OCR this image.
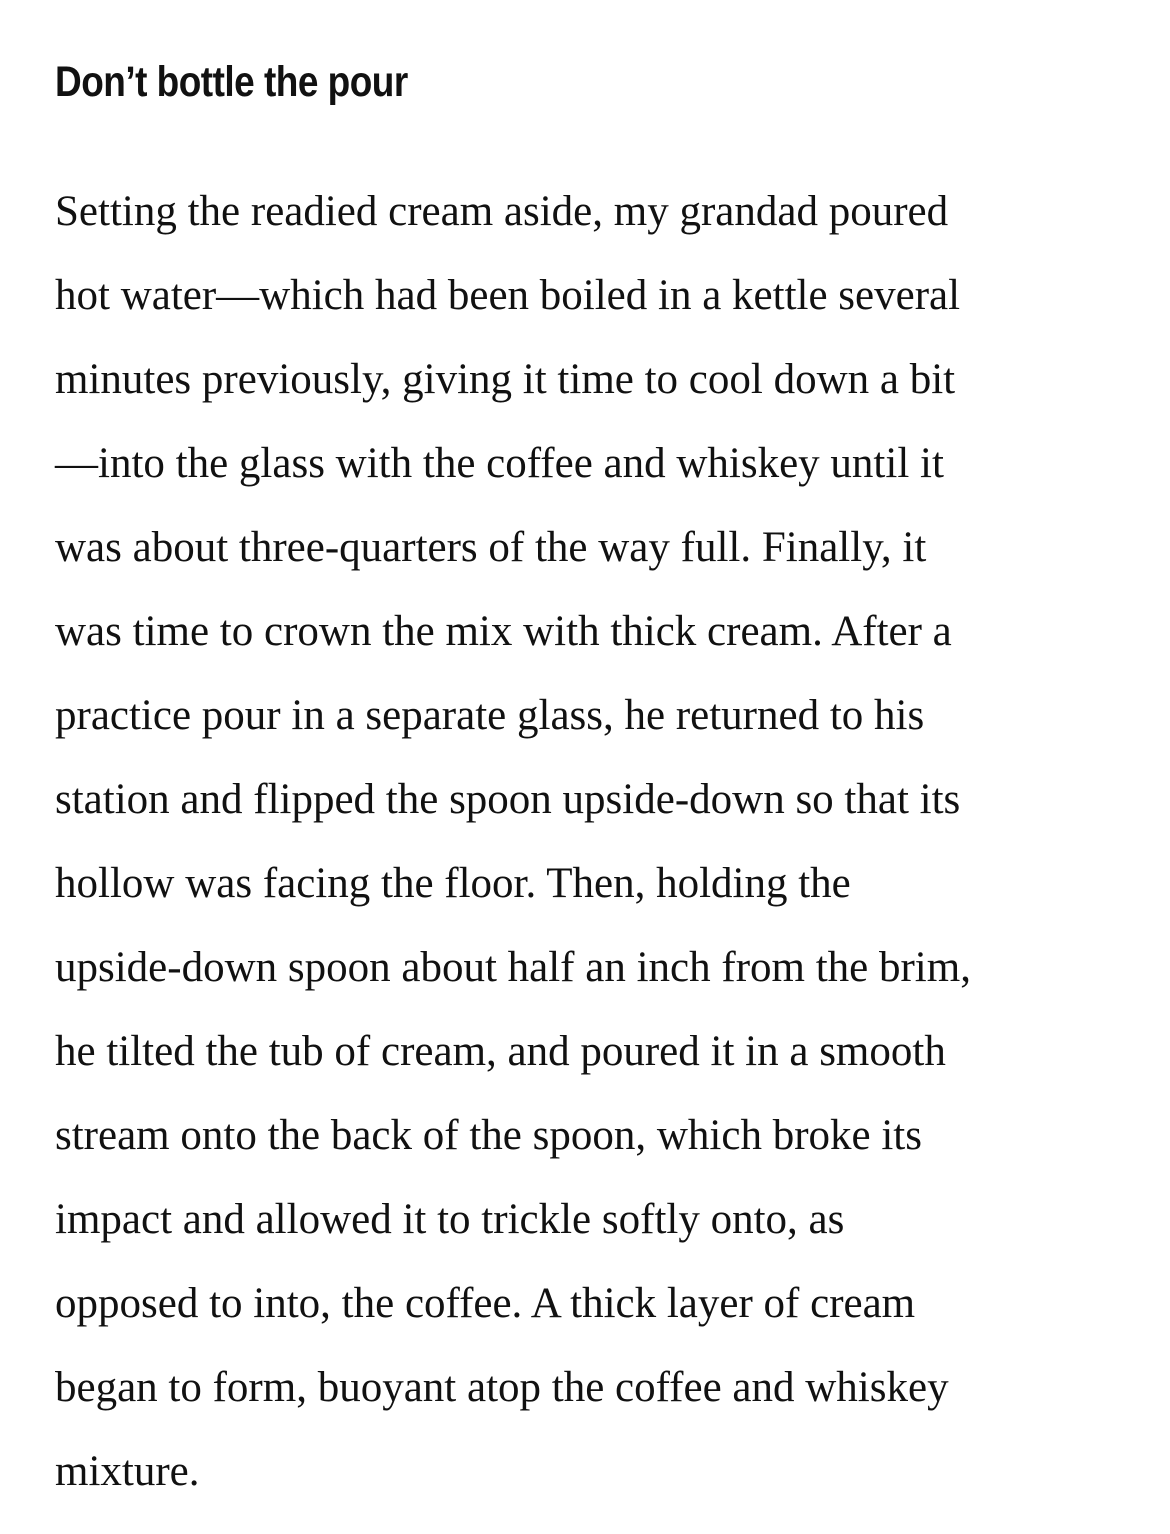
Don’t bottle the pour

Setting the readied cream aside, my grandad poured
hot water—which had been boiled in a kettle several
minutes previously, giving it time to cool down a bit
—into the glass with the coffee and whiskey until it
was about three-quarters of the way full. Finally, it
was time to crown the mix with thick cream. After a
practice pour in a separate glass, he returned to his
station and flipped the spoon upside-down so that its
hollow was facing the floor. Then, holding the
upside-down spoon about half an inch from the brim,
he tilted the tub of cream, and poured it in a smooth
stream onto the back of the spoon, which broke its
impact and allowed it to trickle softly onto, as
opposed to into, the coffee. A thick layer of cream
began to form, buoyant atop the coffee and whiskey
mixture.
